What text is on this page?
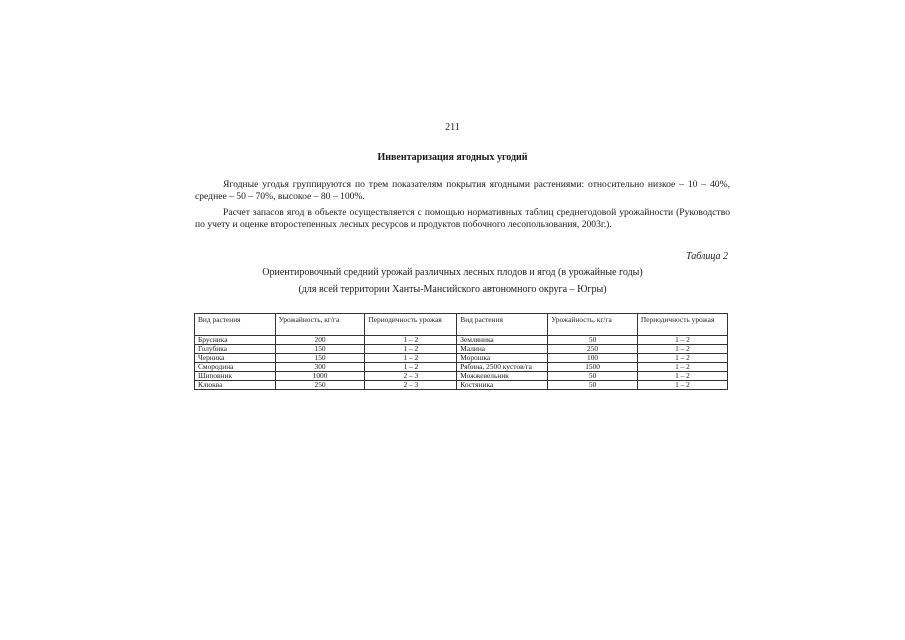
211
Инвентаризация ягодных угодий
Ягодные угодья группируются по трем показателям покрытия ягодными растениями: относительно низкое – 10 – 40%, среднее – 50 – 70%, высокое – 80 – 100%.
Расчет запасов ягод в объекте осуществляется с помощью нормативных таблиц среднегодовой урожайности (Руководство по учету и оценке второстепенных лесных ресурсов и продуктов побочного лесопользования, 2003г.).
Таблица 2
Ориентировочный средний урожай различных лесных плодов и ягод (в урожайные годы)
(для всей территории Ханты-Мансийского автономного округа – Югры)
Вид растения	Урожайность, кг/га	Периодичность урожая	Вид растения	Урожайность, кг/га	Периодичность урожая
Брусника	200	1 – 2	Земляника	50	1 – 2
Голубика	150	1 – 2	Малина	250	1 – 2
Черника	150	1 – 2	Морошка	100	1 – 2
Смородина	300	1 – 2	Рябина, 2500 кустов/га	1500	1 – 2
Шиповник	1000	2 – 3	Можжевельник	50	1 – 2
Клюква	250	2 – 3	Костяника	50	1 – 2
